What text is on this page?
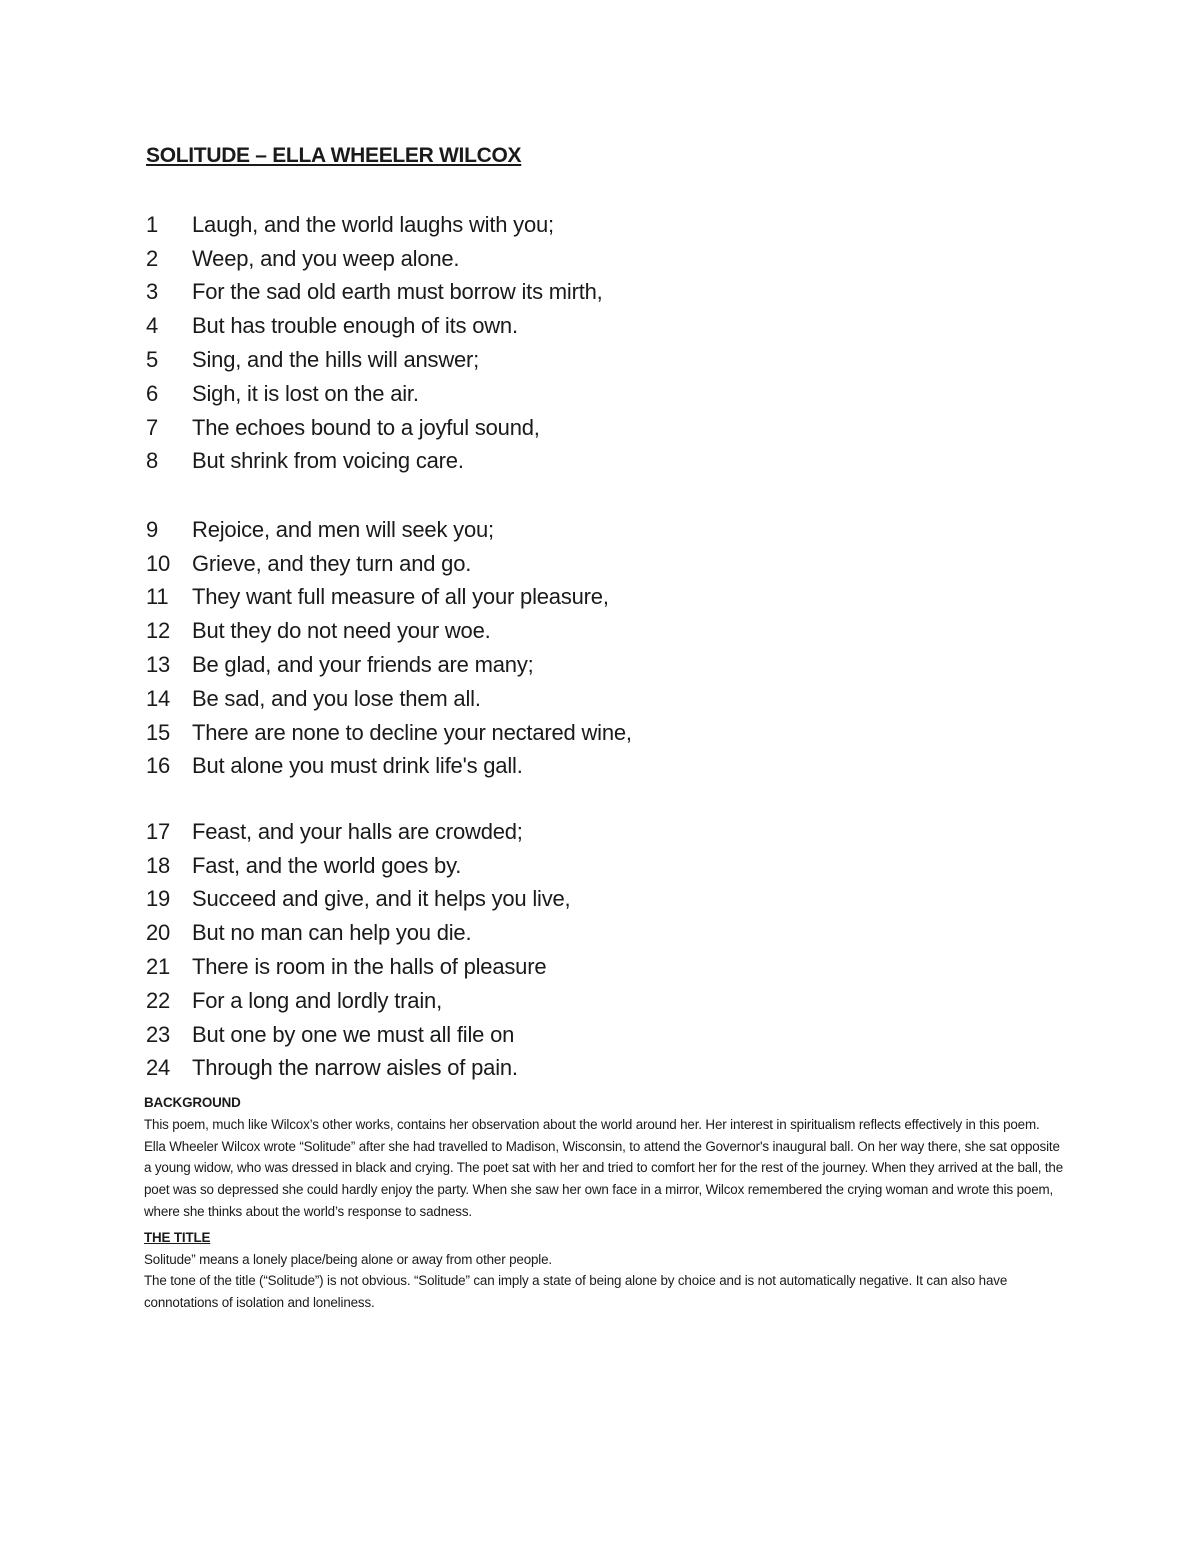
SOLITUDE – ELLA WHEELER WILCOX
1	Laugh, and the world laughs with you;
2	Weep, and you weep alone.
3	For the sad old earth must borrow its mirth,
4	But has trouble enough of its own.
5	Sing, and the hills will answer;
6	Sigh, it is lost on the air.
7	The echoes bound to a joyful sound,
8	But shrink from voicing care.
9	Rejoice, and men will seek you;
10 Grieve, and they turn and go.
11	They want full measure of all your pleasure,
12 But they do not need your woe.
13 Be glad, and your friends are many;
14 Be sad, and you lose them all.
15 There are none to decline your nectared wine,
16 But alone you must drink life's gall.
17 Feast, and your halls are crowded;
18 Fast, and the world goes by.
19 Succeed and give, and it helps you live,
20 But no man can help you die.
21 There is room in the halls of pleasure
22 For a long and lordly train,
23 But one by one we must all file on
24 Through the narrow aisles of pain.
BACKGROUND

This poem, much like Wilcox’s other works, contains her observation about the world around her. Her interest in spiritualism reflects effectively in this poem.

Ella Wheeler Wilcox wrote “Solitude” after she had travelled to Madison, Wisconsin, to attend the Governor's inaugural ball. On her way there, she sat opposite a young widow, who was dressed in black and crying. The poet sat with her and tried to comfort her for the rest of the journey. When they arrived at the ball, the poet was so depressed she could hardly enjoy the party. When she saw her own face in a mirror, Wilcox remembered the crying woman and wrote this poem, where she thinks about the world’s response to sadness.

THE TITLE

Solitude” means a lonely place/being alone or away from other people.

The tone of the title (“Solitude”) is not obvious. “Solitude” can imply a state of being alone by choice and is not automatically negative. It can also have connotations of isolation and loneliness.
